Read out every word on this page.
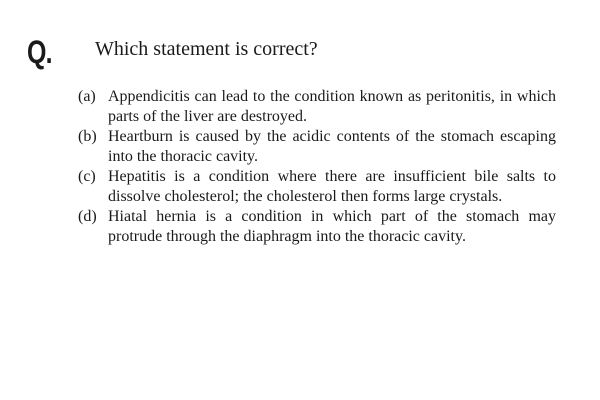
Q. Which statement is correct?
(a) Appendicitis can lead to the condition known as peritonitis, in which parts of the liver are destroyed.
(b) Heartburn is caused by the acidic contents of the stomach escaping into the thoracic cavity.
(c) Hepatitis is a condition where there are insufficient bile salts to dissolve cholesterol; the cholesterol then forms large crystals.
(d) Hiatal hernia is a condition in which part of the stomach may protrude through the diaphragm into the thoracic cavity.
